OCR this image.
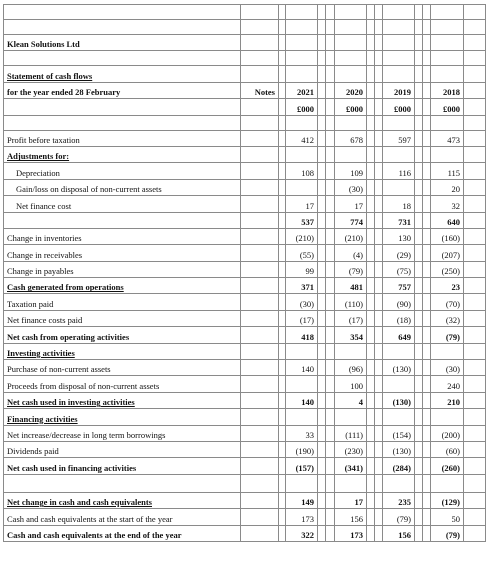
Klean Solutions Ltd													

Statement of cash flows													
for the year ended 28 February	Notes		2021			2020			2019			2018	
			£000			£000			£000			£000	

Profit before taxation			412			678			597			473	
Adjustments for:													
Depreciation			108			109			116			115	
Gain/loss on disposal of non-current assets						(30)						20	
Net finance cost			17			17			18			32	
			537			774			731			640	
Change in inventories			(210)			(210)			130			(160)	
Change in receivables			(55)			(4)			(29)			(207)	
Change in payables			99			(79)			(75)			(250)	
Cash generated from operations			371			481			757			23	
Taxation paid			(30)			(110)			(90)			(70)	
Net finance costs paid			(17)			(17)			(18)			(32)	
Net cash from operating activities			418			354			649			(79)	
Investing activities													
Purchase of non-current assets			140			(96)			(130)			(30)	
Proceeds from disposal of non-current assets						100						240	
Net cash used in investing activities			140			4			(130)			210	
Financing activities													
Net increase/decrease in long term borrowings			33			(111)			(154)			(200)	
Dividends paid			(190)			(230)			(130)			(60)	
Net cash used in financing activities			(157)			(341)			(284)			(260)	

Net change in cash and cash equivalents			149			17			235			(129)	
Cash and cash equivalents at the start of the year			173			156			(79)			50	
Cash and cash equivalents at the end of the year			322			173			156			(79)	
